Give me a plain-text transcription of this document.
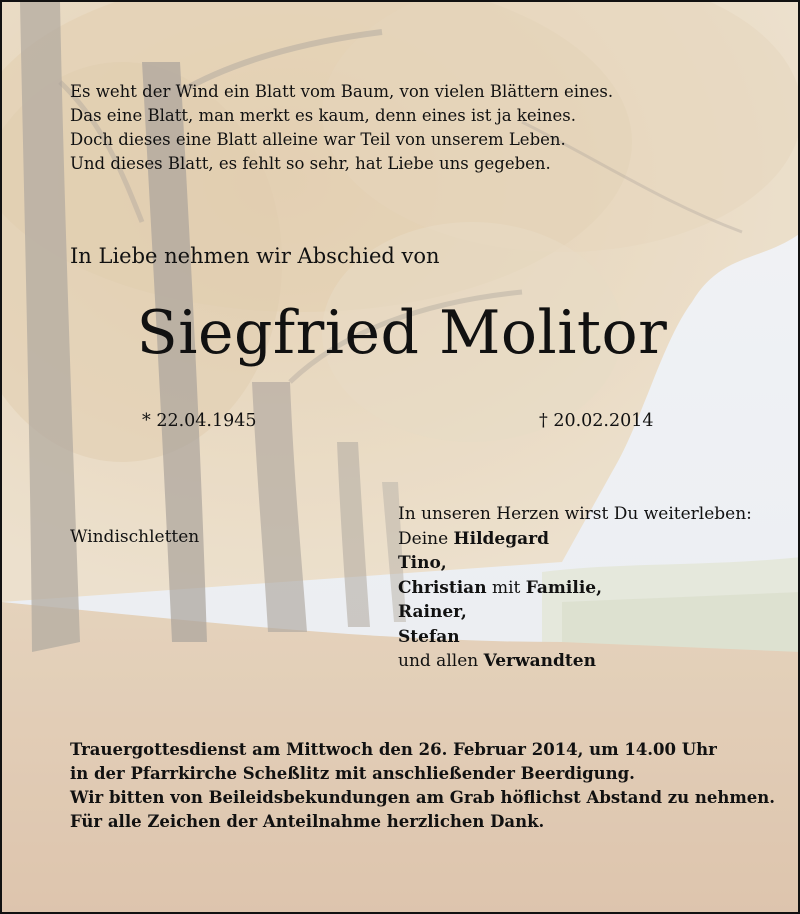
Es weht der Wind ein Blatt vom Baum, von vielen Blättern eines.
Das eine Blatt, man merkt es kaum, denn eines ist ja keines.
Doch dieses eine Blatt alleine war Teil von unserem Leben.
Und dieses Blatt, es fehlt so sehr, hat Liebe uns gegeben.
In Liebe nehmen wir Abschied von
Siegfried Molitor
* 22.04.1945	† 20.02.2014
Windischletten
In unseren Herzen wirst Du weiterleben:
Deine Hildegard
Tino,
Christian mit Familie,
Rainer,
Stefan
und allen Verwandten
Trauergottesdienst am Mittwoch den 26. Februar 2014, um 14.00 Uhr
in der Pfarrkirche Scheßlitz mit anschließender Beerdigung.
Wir bitten von Beileidsbekundungen am Grab höflichst Abstand zu nehmen.
Für alle Zeichen der Anteilnahme herzlichen Dank.
